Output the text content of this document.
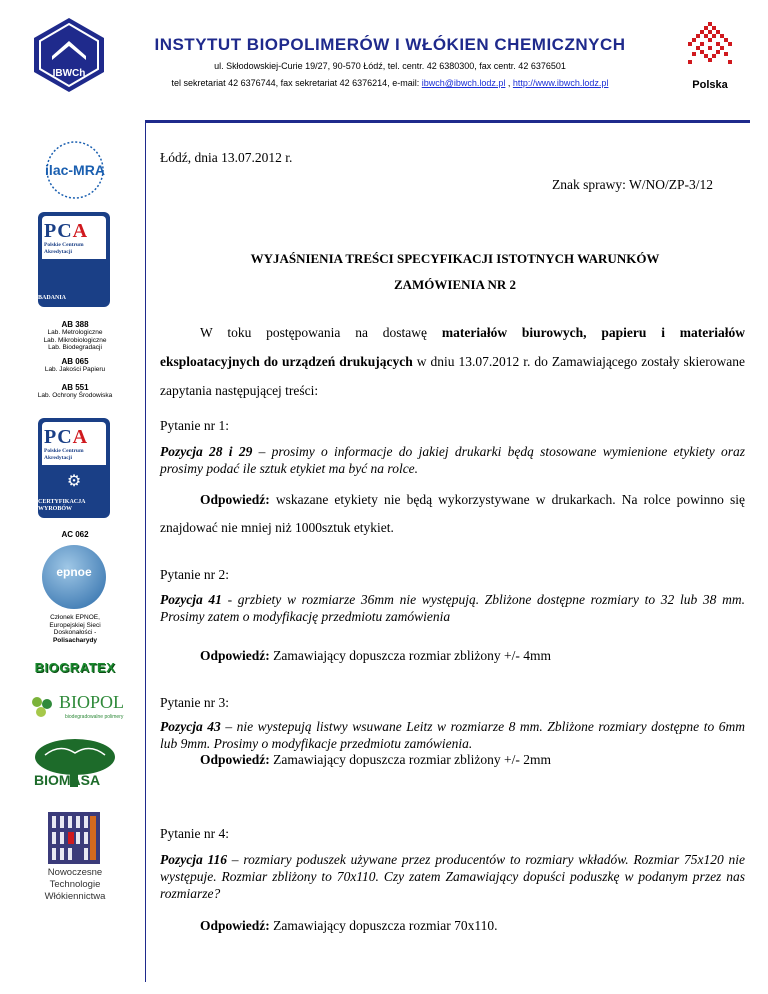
IBWCh
INSTYTUT BIOPOLIMERÓW I WŁÓKIEN CHEMICZNYCH
ul. Skłodowskiej-Curie 19/27, 90-570 Łódź, tel. centr. 42 6380300, fax centr. 42 6376501
tel sekretariat 42 6376744, fax sekretariat 42 6376214, e-mail: ibwch@ibwch.lodz.pl , http://www.ibwch.lodz.pl	Polska
ilac-MRA
PCA
Polskie Centrum
Akredytacji
BADANIA
AB 388
Lab. Metrologiczne
Lab. Mikrobiologiczne
Lab. Biodegradacji
AB 065
Lab. Jakości Papieru
AB 551
Lab. Ochrony Środowiska
PCA
Polskie Centrum
Akredytacji
⚙
CERTYFIKACJA
WYROBÓW
AC 062
epnoe
Członek EPNOE,
Europejskiej Sieci
Doskonałości -
Polisacharydy
BIOGRATEX
BIOPOL
biodegradowalne polimery
BIOMASA
Nowoczesne
Technologie
Włókiennictwa
Łódź, dnia 13.07.2012 r.
Znak sprawy: W/NO/ZP-3/12
WYJAŚNIENIA TREŚCI SPECYFIKACJI ISTOTNYCH WARUNKÓW
ZAMÓWIENIA NR 2
W toku postępowania na dostawę materiałów biurowych, papieru i materiałów eksploatacyjnych do urządzeń drukujących w dniu 13.07.2012 r. do Zamawiającego zostały skierowane zapytania następującej treści:
Pytanie nr 1:
Pozycja 28 i 29 – prosimy o informacje do jakiej drukarki będą stosowane wymienione etykiety oraz prosimy podać ile sztuk etykiet ma być na rolce.
Odpowiedź: wskazane etykiety nie będą wykorzystywane w drukarkach. Na rolce powinno się znajdować nie mniej niż 1000sztuk etykiet.
Pytanie nr 2:
Pozycja 41 - grzbiety w rozmiarze 36mm nie występują. Zbliżone dostępne rozmiary to 32 lub 38 mm. Prosimy zatem o modyfikację przedmiotu zamówienia
Odpowiedź: Zamawiający dopuszcza rozmiar zbliżony +/- 4mm
Pytanie nr 3:
Pozycja 43 – nie wystepują listwy wsuwane Leitz w rozmiarze 8 mm. Zbliżone rozmiary dostępne to 6mm lub 9mm. Prosimy o modyfikacje przedmiotu zamówienia.
Odpowiedź: Zamawiający dopuszcza rozmiar zbliżony +/- 2mm
Pytanie nr 4:
Pozycja 116 – rozmiary poduszek używane przez producentów to rozmiary wkładów. Rozmiar 75x120 nie występuje. Rozmiar zbliżony to 70x110. Czy zatem Zamawiający dopuści poduszkę w podanym przez nas rozmiarze?
Odpowiedź: Zamawiający dopuszcza rozmiar 70x110.
